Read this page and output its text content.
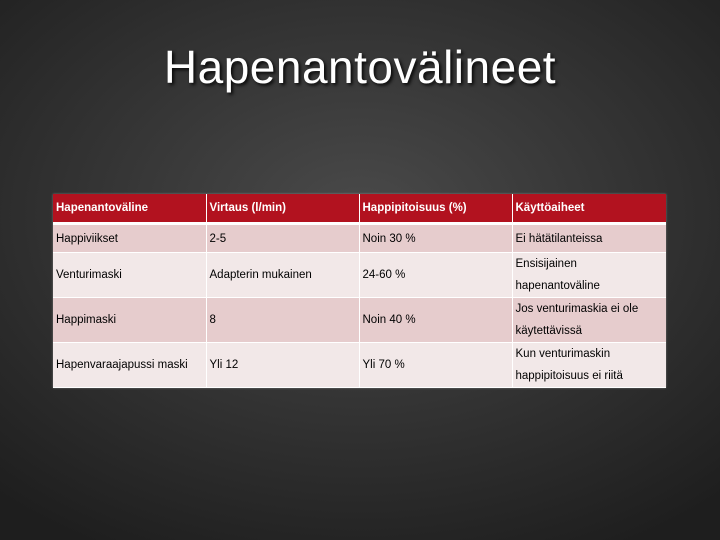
Hapenantovälineet
Hapenantoväline	Virtaus (l/min)	Happipitoisuus (%)	Käyttöaiheet
Happiviikset	2-5	Noin 30 %	Ei hätätilanteissa
Venturimaski	Adapterin mukainen	24-60 %	Ensisijainen hapenantoväline
Happimaski	8	Noin 40 %	Jos venturimaskia ei ole käytettävissä
Hapenvaraajapussi maski	Yli 12	Yli 70 %	Kun venturimaskin happipitoisuus ei riitä
